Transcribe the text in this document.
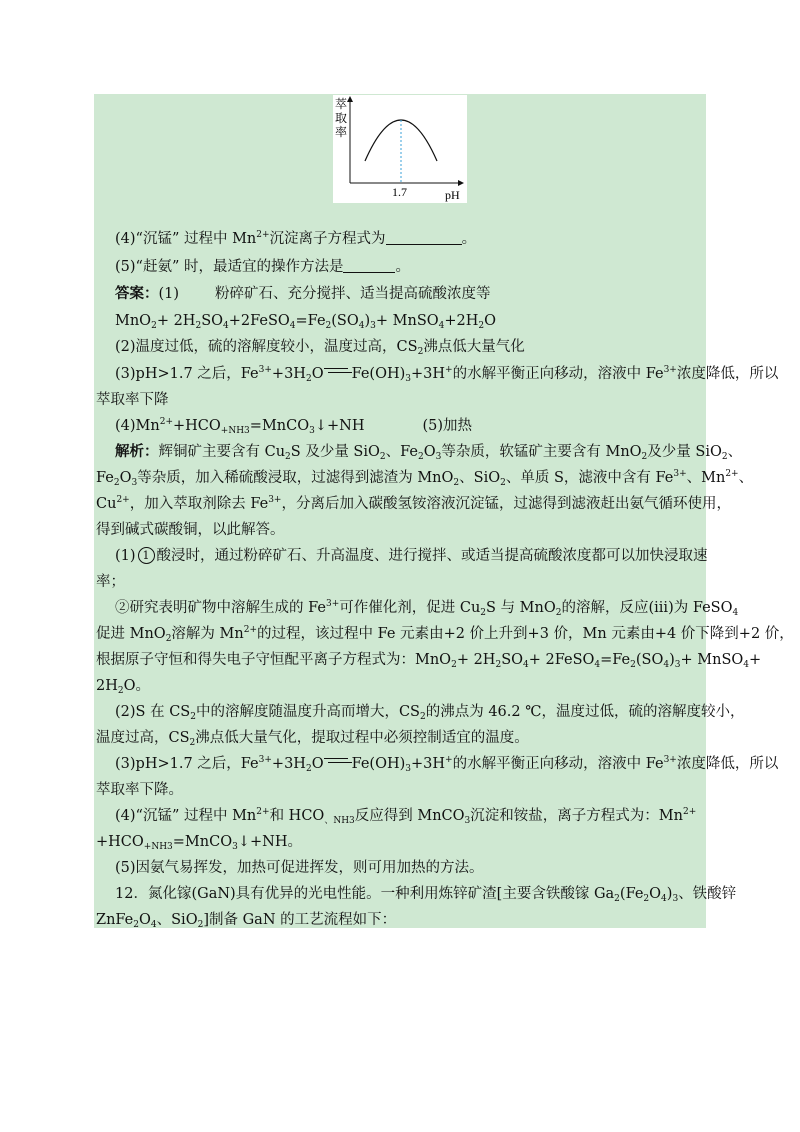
萃
取
率
1.7	pH
(4)“沉锰” 过程中 $Mn^{2+}$沉淀离子方程式为	。
(5)“赶氨” 时，最适宜的操作方法是	。
答案：(1) 粉碎矿石、充分搅拌、适当提高硫酸浓度等
$MnO_2+ 2H_2SO_4+2FeSO_4=Fe_2(SO_4)_3+$ $MnSO_4+2H_2O$
(2)温度过低，硫的溶解度较小，温度过高，$CS_2$沸点低大量气化
(3)pH>1.7 之后，$Fe^{3+}+3H_2O$ $Fe(OH)_3+3H^+$的水解平衡正向移动，溶液中 $Fe^{3+}$浓度降低，所以
萃取率下降
$(4)Mn^{2+}+HCO_{+NH3}=MnCO_3↓+NH$	(5)加热
解析：辉铜矿主要含有 $Cu_2S$ 及少量 SiO$_2$、$Fe_2O_3$等杂质，软锰矿主要含有 MnO$_2$及少量 SiO$_2$、
$Fe_2O_3$等杂质，加入稀硫酸浸取，过滤得到滤渣为 MnO$_2$、SiO$_2$、单质 S，滤液中含有 $Fe^{3+}$、$Mn^{2+}$、
$Cu^{2+}$，加入萃取剂除去 $Fe^{3+}$，分离后加入碳酸氢铵溶液沉淀锰，过滤得到滤液赶出氨气循环使用，
得到碱式碳酸铜，以此解答。
(1) 1 酸浸时，通过粉碎矿石、升高温度、进行搅拌、或适当提高硫酸浓度都可以加快浸取速
率；
②研究表明矿物中溶解生成的 $Fe^{3+}$可作催化剂，促进 $Cu_2S$ 与 MnO$_2$的溶解，反应(iii)为 FeSO$_4$
促进 MnO$_2$溶解为 $Mn^{2+}$的过程，该过程中 Fe 元素由+2 价上升到+3 价，Mn 元素由+4 价下降到+2 价，
根据原子守恒和得失电子守恒配平离子方程式为：$MnO_2+ 2H_2SO_4+$ $2FeSO_4=Fe_2(SO_4)_3+$ MnSO$_4$+
$2H_2O$。
(2)S 在 $CS_2$中的溶解度随温度升高而增大，$CS_2$的沸点为 46.2 ℃，温度过低，硫的溶解度较小，
温度过高，$CS_2$沸点低大量气化，提取过程中必须控制适宜的温度。
(3)pH>1.7 之后，$Fe^{3+}+3H_2O$ $Fe(OH)_3+3H^+$的水解平衡正向移动，溶液中 $Fe^{3+}$浓度降低，所以
萃取率下降。
(4)“沉锰” 过程中 $Mn^{2+}$和 $HCO_{、NH3}$反应得到 MnCO$_3$沉淀和铵盐，离子方程式为：$Mn^{2+}$
$+HCO_{+NH3}=MnCO_3↓+NH$。
(5)因氨气易挥发，加热可促进挥发，则可用加热的方法。
12．氮化镓(GaN)具有优异的光电性能。一种利用炼锌矿渣[主要含铁酸镓 $Ga_2(Fe_2O_4)_3$、铁酸锌
$ZnFe_2O_4$、SiO$_2$]制备 GaN 的工艺流程如下：
